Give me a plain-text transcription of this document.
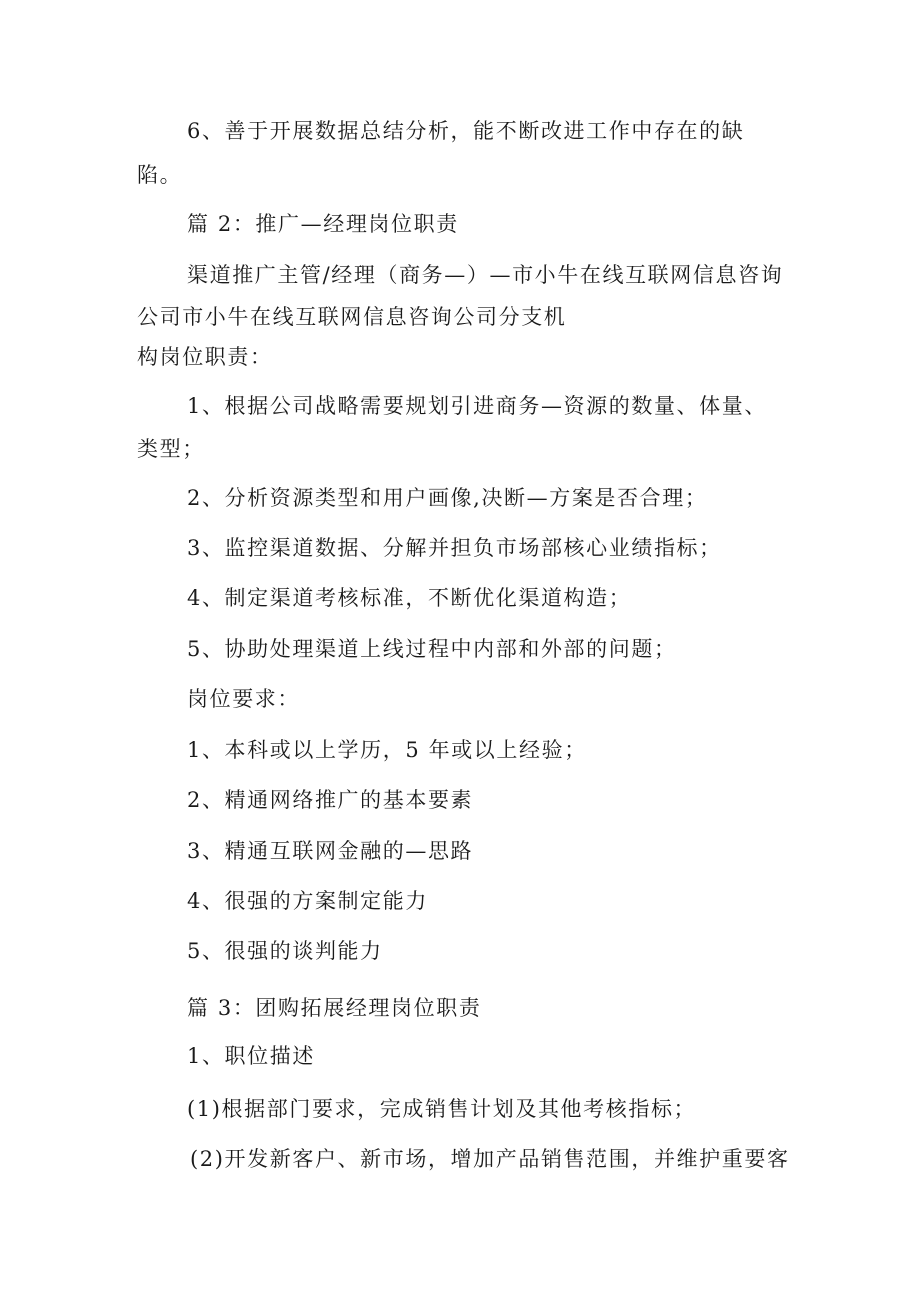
6、善于开展数据总结分析，能不断改进工作中存在的缺
陷。
篇 2：推广—经理岗位职责
渠道推广主管/经理（商务—）—市小牛在线互联网信息咨询
公司市小牛在线互联网信息咨询公司分支机
构岗位职责：
1、根据公司战略需要规划引进商务—资源的数量、体量、
类型；
2、分析资源类型和用户画像,决断—方案是否合理；
3、监控渠道数据、分解并担负市场部核心业绩指标；
4、制定渠道考核标准，不断优化渠道构造；
5、协助处理渠道上线过程中内部和外部的问题；
岗位要求：
1、本科或以上学历，5 年或以上经验；
2、精通网络推广的基本要素
3、精通互联网金融的—思路
4、很强的方案制定能力
5、很强的谈判能力
篇 3：团购拓展经理岗位职责
1、职位描述
(1)根据部门要求，完成销售计划及其他考核指标；
(2)开发新客户、新市场，增加产品销售范围，并维护重要客
